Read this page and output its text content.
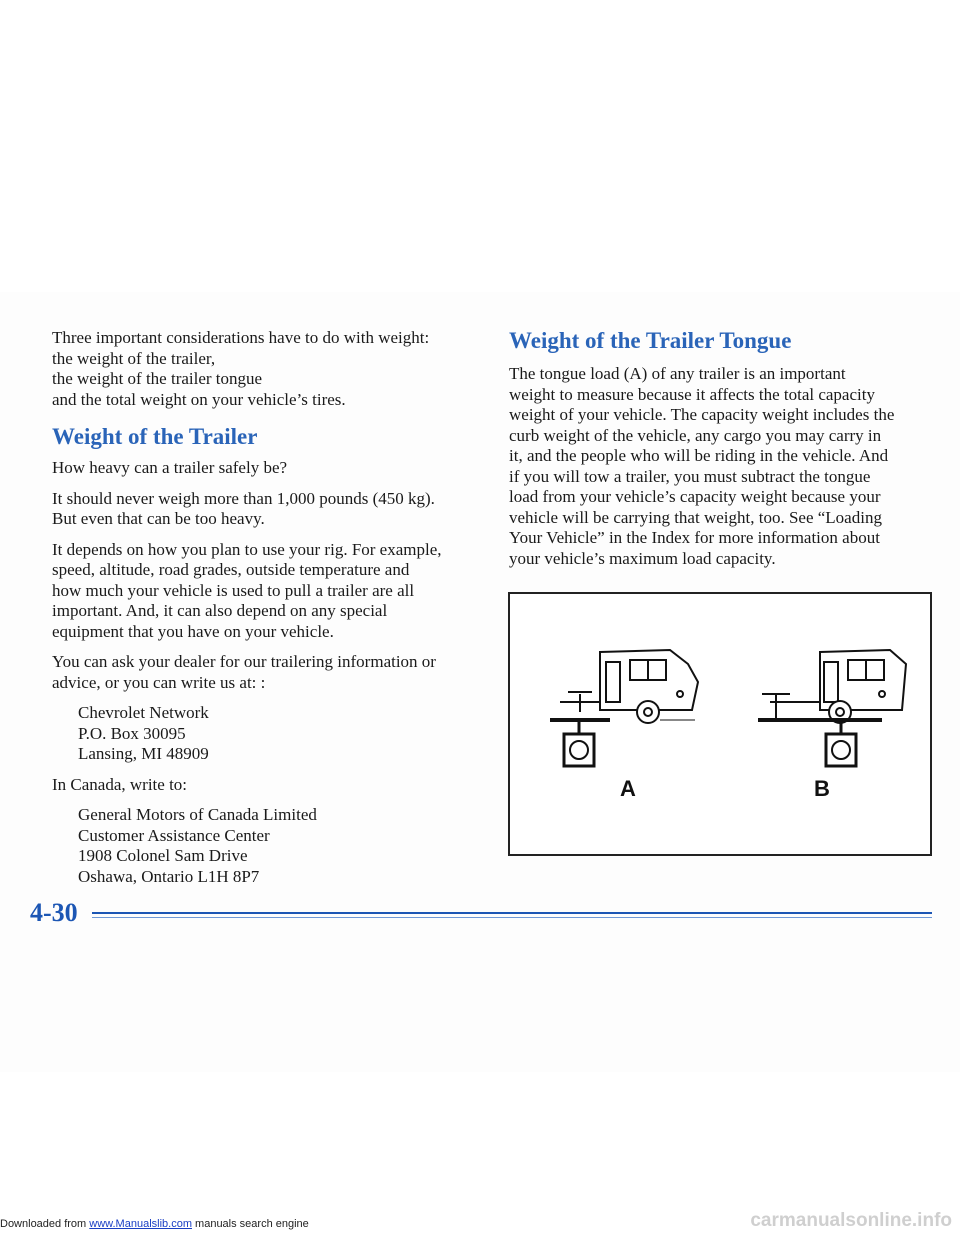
Three important considerations have to do with weight:

the weight of the trailer,

the weight of the trailer tongue

and the total weight on your vehicle’s tires.

Weight of the Trailer

How heavy can a trailer safely be?

It should never weigh more than 1,000 pounds (450 kg).

But even that can be too heavy.

It depends on how you plan to use your rig. For example,

speed, altitude, road grades, outside temperature and

how much your vehicle is used to pull a trailer are all

important. And, it can also depend on any special

equipment that you have on your vehicle.

You can ask your dealer for our trailering information or

advice, or you can write us at: :

Chevrolet Network

P.O. Box 30095

Lansing, MI 48909

In Canada, write to:

General Motors of Canada Limited

Customer Assistance Center

1908 Colonel Sam Drive

Oshawa, Ontario L1H 8P7

Weight of the Trailer Tongue

The tongue load (A) of any trailer is an important

weight to measure because it affects the total capacity

weight of your vehicle. The capacity weight includes the

curb weight of the vehicle, any cargo you may carry in

it, and the people who will be riding in the vehicle. And

if you will tow a trailer, you must subtract the tongue

load from your vehicle’s capacity weight because your

vehicle will be carrying that weight, too. See “Loading

Your Vehicle” in the Index for more information about

your vehicle’s maximum load capacity.

A	B
4-30
Downloaded from www.Manualslib.com manuals search engine	carmanualsonline.info
